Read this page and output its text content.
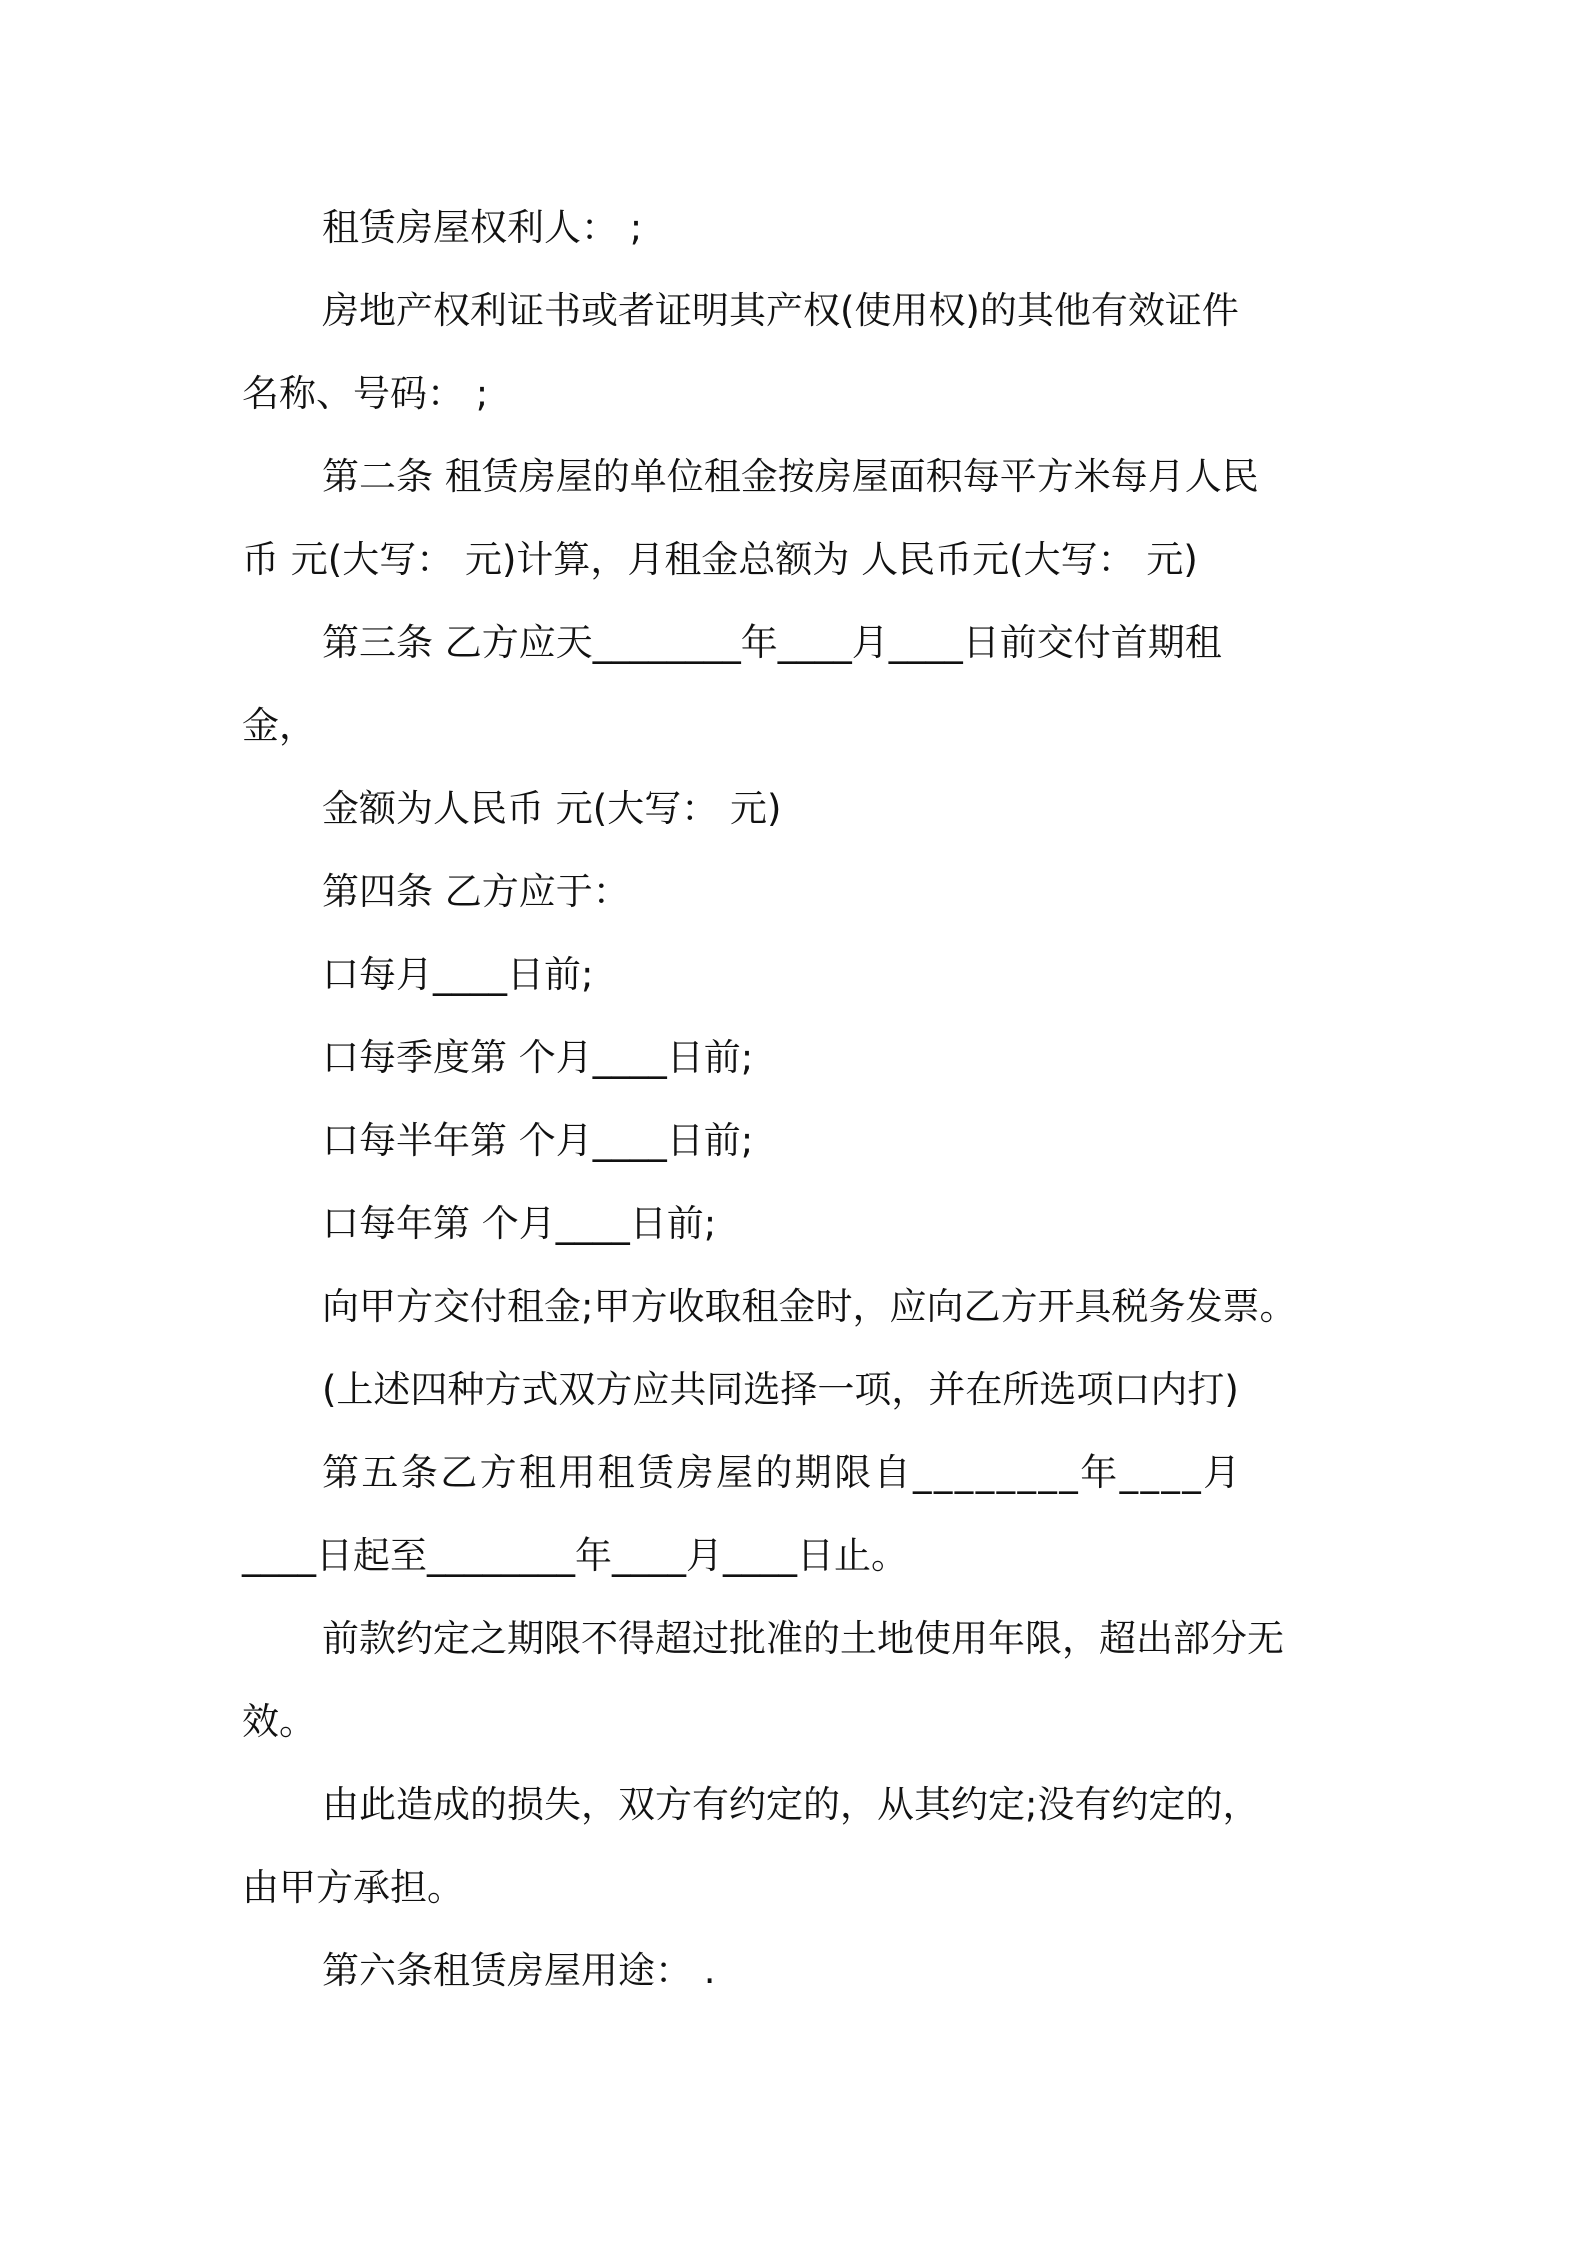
租赁房屋权利人： ;
房地产权利证书或者证明其产权(使用权)的其他有效证件
名称、号码： ;
第二条 租赁房屋的单位租金按房屋面积每平方米每月人民
币 元(大写： 元)计算，月租金总额为 人民币元(大写： 元)
第三条 乙方应天________年____月____日前交付首期租
金，
金额为人民币 元(大写： 元)
第四条 乙方应于：
口每月____日前;
口每季度第 个月____日前;
口每半年第 个月____日前;
口每年第 个月____日前;
向甲方交付租金;甲方收取租金时，应向乙方开具税务发票。
(上述四种方式双方应共同选择一项，并在所选项口内打)
第五条乙方租用租赁房屋的期限自________年____月
____日起至________年____月____日止。
前款约定之期限不得超过批准的土地使用年限，超出部分无
效。
由此造成的损失，双方有约定的，从其约定;没有约定的，
由甲方承担。
第六条租赁房屋用途： .
